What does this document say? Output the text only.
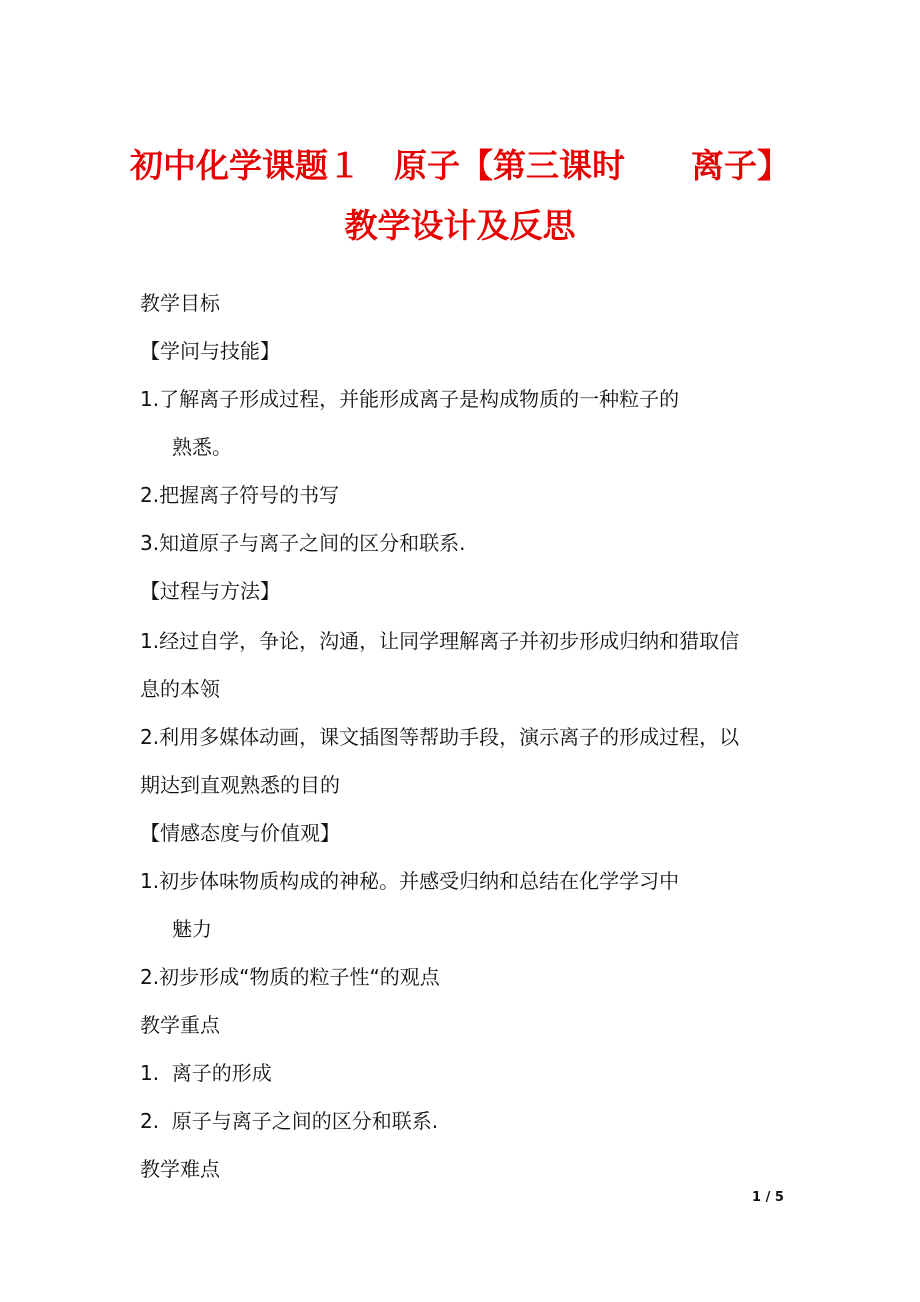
初中化学课题１　原子【第三课时　　离子】
教学设计及反思
教学目标
【学问与技能】
1.了解离子形成过程，并能形成离子是构成物质的一种粒子的
熟悉。
2.把握离子符号的书写
3.知道原子与离子之间的区分和联系.
【过程与方法】
1.经过自学，争论，沟通，让同学理解离子并初步形成归纳和猎取信
息的本领
2.利用多媒体动画，课文插图等帮助手段，演示离子的形成过程，以
期达到直观熟悉的目的
【情感态度与价值观】
1.初步体味物质构成的神秘。并感受归纳和总结在化学学习中
魅力
2.初步形成“物质的粒子性“的观点
教学重点
1.  离子的形成
2.  原子与离子之间的区分和联系.
教学难点
1 / 5
